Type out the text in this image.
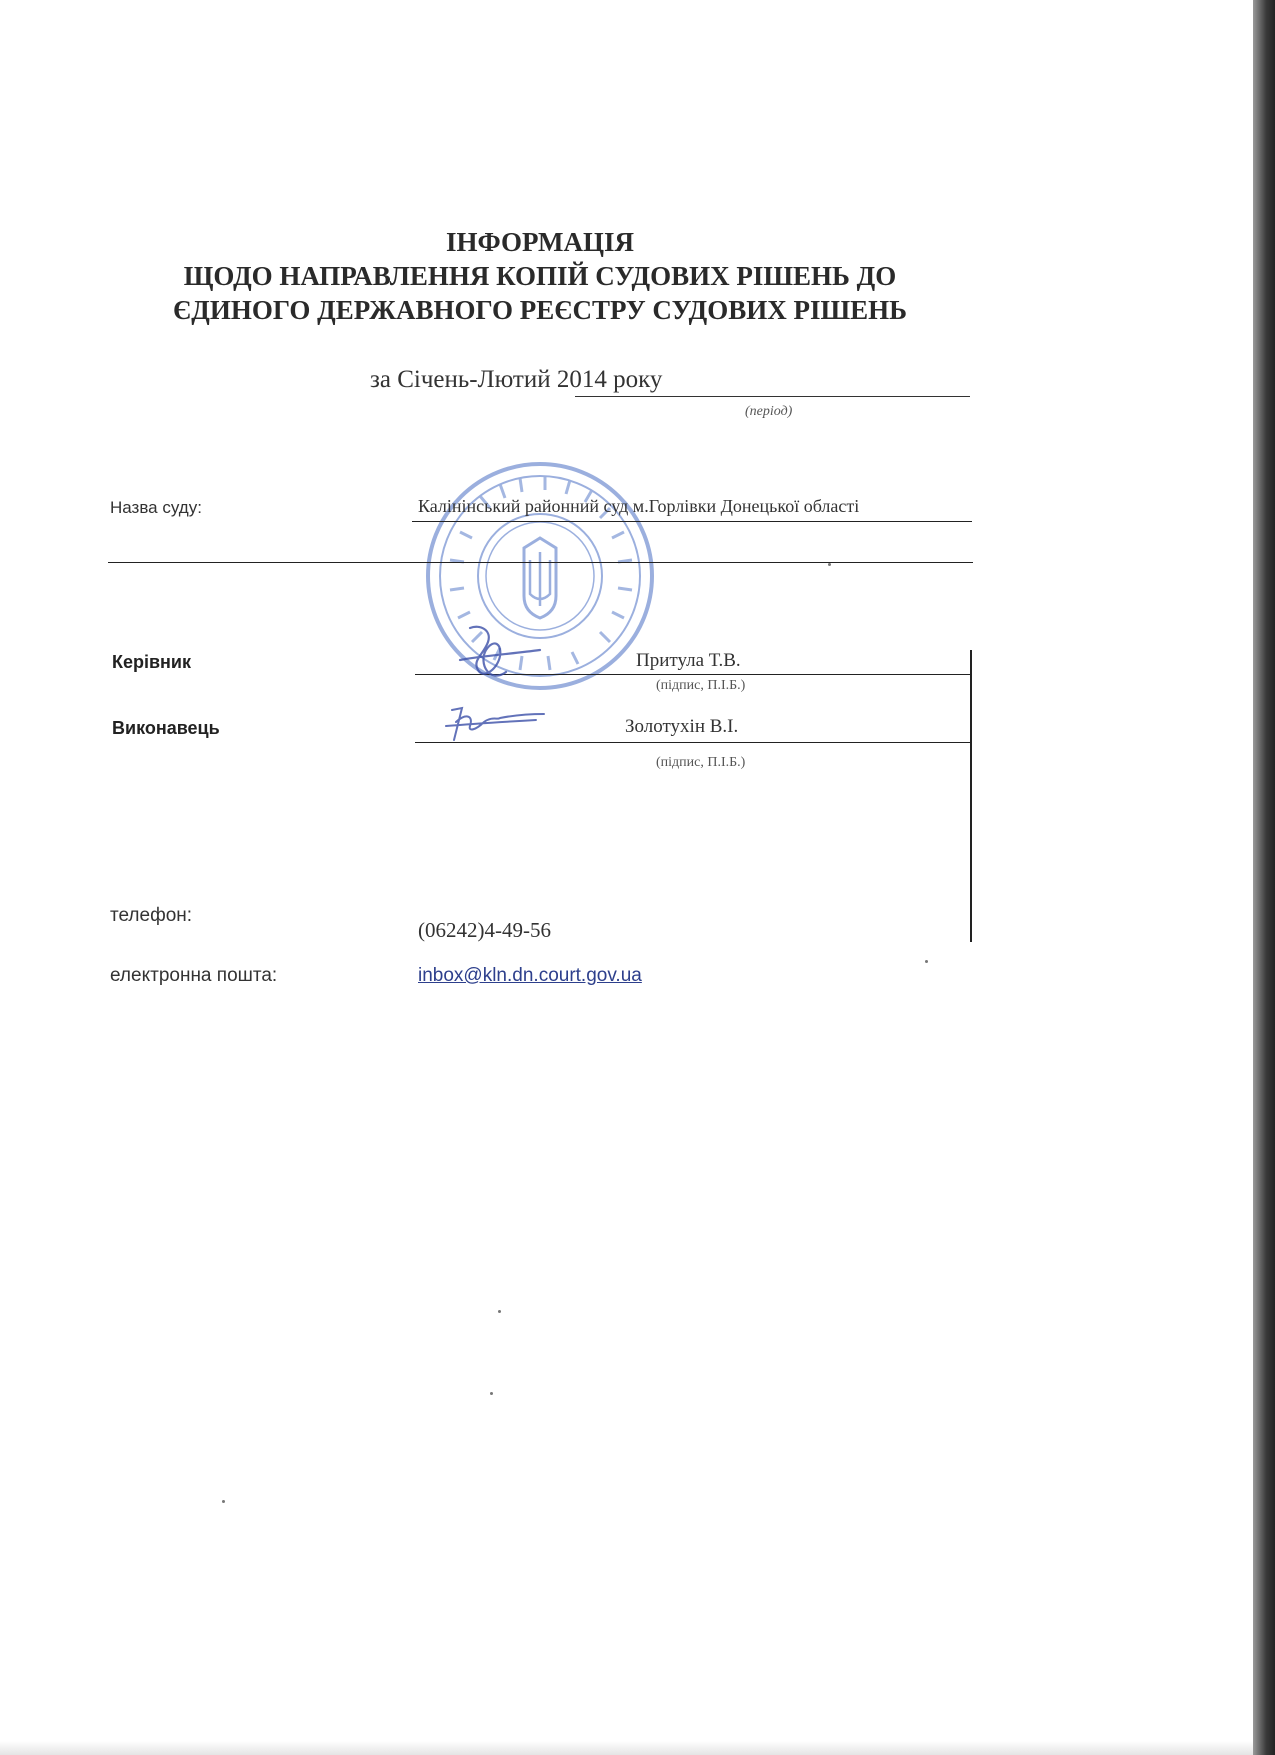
ІНФОРМАЦІЯ
ЩОДО НАПРАВЛЕННЯ КОПІЙ СУДОВИХ РІШЕНЬ ДО
ЄДИНОГО ДЕРЖАВНОГО РЕЄСТРУ СУДОВИХ РІШЕНЬ
за Січень-Лютий 2014 року
(період)
Назва суду:	Калінінський районний суд м.Горлівки Донецької області
Керівник	Притула Т.В.
(підпис, П.І.Б.)
Виконавець	Золотухін В.І.
(підпис, П.І.Б.)
телефон:
(06242)4-49-56
електронна пошта:	inbox@kln.dn.court.gov.ua
